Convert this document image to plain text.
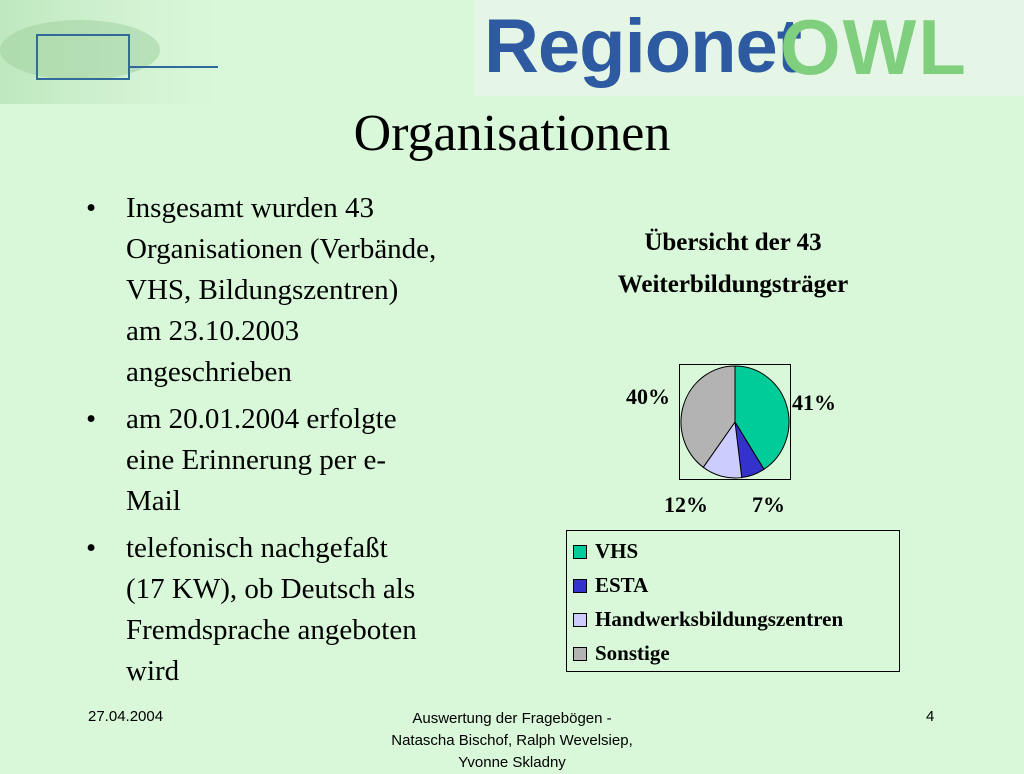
Regionet
OWL
Organisationen
• Insgesamt wurden 43
Organisationen (Verbände,
VHS, Bildungszentren)
am 23.10.2003
angeschrieben
• am 20.01.2004 erfolgte
eine Erinnerung per e-
Mail
• telefonisch nachgefaßt
(17 KW), ob Deutsch als
Fremdsprache angeboten
wird
Übersicht der 43
Weiterbildungsträger
41%
7%
12%
40%
VHS
ESTA
Handwerksbildungszentren
Sonstige
27.04.2004	Auswertung der Fragebögen -
Natascha Bischof, Ralph Wevelsiep,
Yvonne Skladny
4
